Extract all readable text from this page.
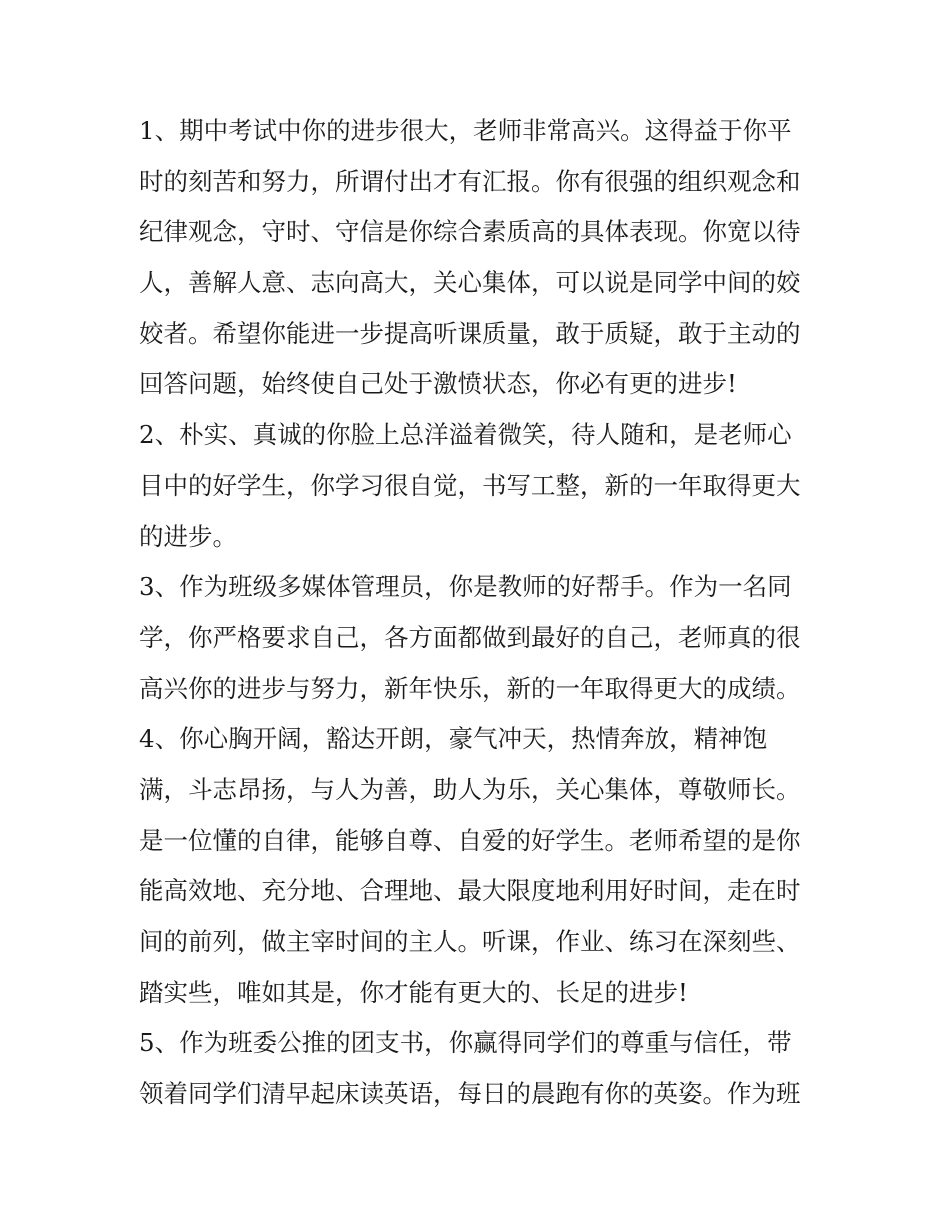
1、期中考试中你的进步很大，老师非常高兴。这得益于你平
时的刻苦和努力，所谓付出才有汇报。你有很强的组织观念和
纪律观念，守时、守信是你综合素质高的具体表现。你宽以待
人，善解人意、志向高大，关心集体，可以说是同学中间的姣
姣者。希望你能进一步提高听课质量，敢于质疑，敢于主动的
回答问题，始终使自己处于激愤状态，你必有更的进步!
2、朴实、真诚的你脸上总洋溢着微笑，待人随和，是老师心
目中的好学生，你学习很自觉，书写工整，新的一年取得更大
的进步。
3、作为班级多媒体管理员，你是教师的好帮手。作为一名同
学，你严格要求自己，各方面都做到最好的自己，老师真的很
高兴你的进步与努力，新年快乐，新的一年取得更大的成绩。
4、你心胸开阔，豁达开朗，豪气冲天，热情奔放，精神饱
满，斗志昂扬，与人为善，助人为乐，关心集体，尊敬师长。
是一位懂的自律，能够自尊、自爱的好学生。老师希望的是你
能高效地、充分地、合理地、最大限度地利用好时间，走在时
间的前列，做主宰时间的主人。听课，作业、练习在深刻些、
踏实些，唯如其是，你才能有更大的、长足的进步!
5、作为班委公推的团支书，你赢得同学们的尊重与信任，带
领着同学们清早起床读英语，每日的晨跑有你的英姿。作为班
